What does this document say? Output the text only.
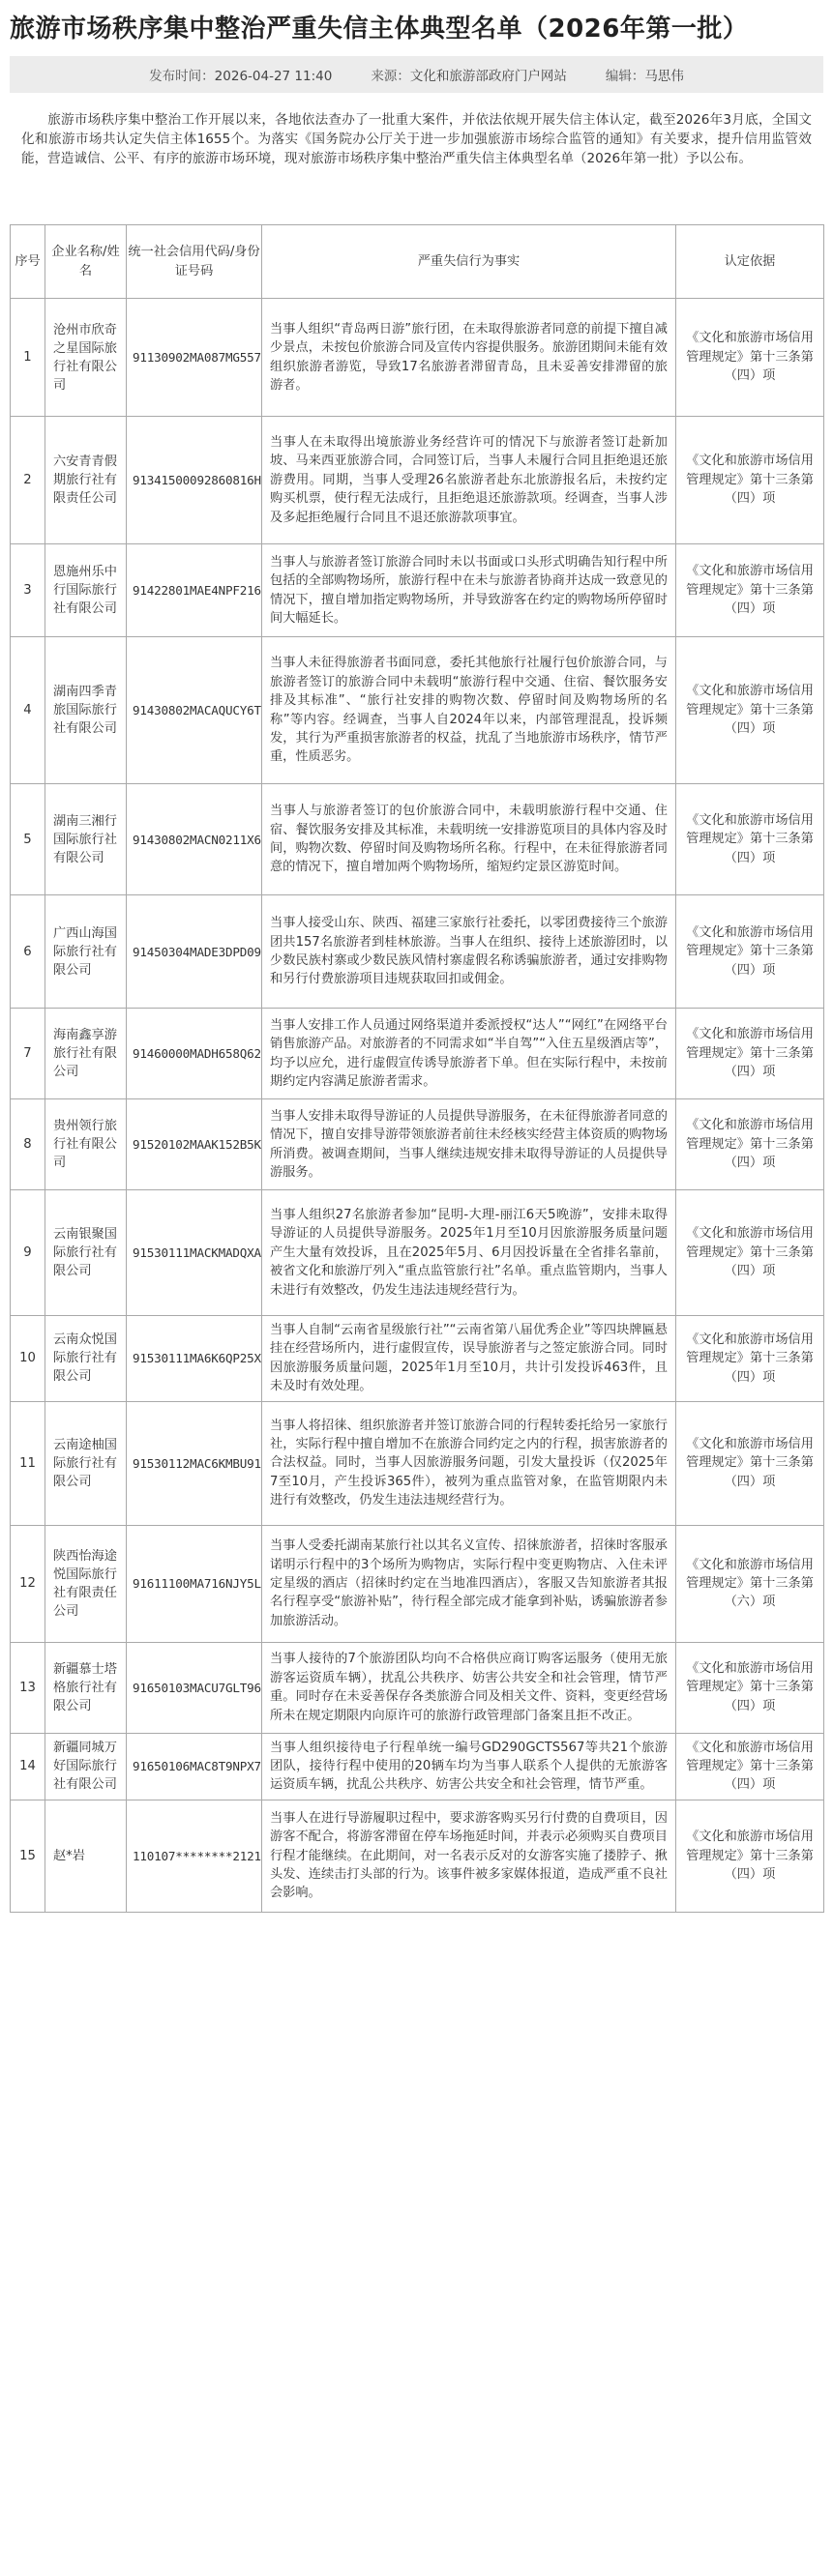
旅游市场秩序集中整治严重失信主体典型名单（2026年第一批）
发布时间：2026-04-27 11:40	来源：文化和旅游部政府门户网站	编辑：马思伟

旅游市场秩序集中整治工作开展以来，各地依法查办了一批重大案件，并依法依规开展失信主体认定，截至2026年3月底，全国文化和旅游市场共认定失信主体1655个。为落实《国务院办公厅关于进一步加强旅游市场综合监管的通知》有关要求，提升信用监管效能，营造诚信、公平、有序的旅游市场环境，现对旅游市场秩序集中整治严重失信主体典型名单（2026年第一批）予以公布。

序号	企业名称/姓名	统一社会信用代码/身份证号码	严重失信行为事实	认定依据
1	沧州市欣奇之星国际旅行社有限公司	91130902MA087MG557	当事人组织“青岛两日游”旅行团，在未取得旅游者同意的前提下擅自减少景点，未按包价旅游合同及宣传内容提供服务。旅游团期间未能有效组织旅游者游览，导致17名旅游者滞留青岛，且未妥善安排滞留的旅游者。	《文化和旅游市场信用管理规定》第十三条第（四）项
2	六安青青假期旅行社有限责任公司	91341500092860816H	当事人在未取得出境旅游业务经营许可的情况下与旅游者签订赴新加坡、马来西亚旅游合同，合同签订后，当事人未履行合同且拒绝退还旅游费用。同期，当事人受理26名旅游者赴东北旅游报名后，未按约定购买机票，使行程无法成行，且拒绝退还旅游款项。经调查，当事人涉及多起拒绝履行合同且不退还旅游款项事宜。	《文化和旅游市场信用管理规定》第十三条第（四）项
3	恩施州乐中行国际旅行社有限公司	91422801MAE4NPF216	当事人与旅游者签订旅游合同时未以书面或口头形式明确告知行程中所包括的全部购物场所，旅游行程中在未与旅游者协商并达成一致意见的情况下，擅自增加指定购物场所，并导致游客在约定的购物场所停留时间大幅延长。	《文化和旅游市场信用管理规定》第十三条第（四）项
4	湖南四季青旅国际旅行社有限公司	91430802MACAQUCY6T	当事人未征得旅游者书面同意，委托其他旅行社履行包价旅游合同，与旅游者签订的旅游合同中未载明“旅游行程中交通、住宿、餐饮服务安排及其标准”、“旅行社安排的购物次数、停留时间及购物场所的名称”等内容。经调查，当事人自2024年以来，内部管理混乱，投诉频发，其行为严重损害旅游者的权益，扰乱了当地旅游市场秩序，情节严重，性质恶劣。	《文化和旅游市场信用管理规定》第十三条第（四）项
5	湖南三湘行国际旅行社有限公司	91430802MACN0211X6	当事人与旅游者签订的包价旅游合同中，未载明旅游行程中交通、住宿、餐饮服务安排及其标准，未载明统一安排游览项目的具体内容及时间，购物次数、停留时间及购物场所名称。行程中，在未征得旅游者同意的情况下，擅自增加两个购物场所，缩短约定景区游览时间。	《文化和旅游市场信用管理规定》第十三条第（四）项
6	广西山海国际旅行社有限公司	91450304MADE3DPD09	当事人接受山东、陕西、福建三家旅行社委托，以零团费接待三个旅游团共157名旅游者到桂林旅游。当事人在组织、接待上述旅游团时，以少数民族村寨或少数民族风情村寨虚假名称诱骗旅游者，通过安排购物和另行付费旅游项目违规获取回扣或佣金。	《文化和旅游市场信用管理规定》第十三条第（四）项
7	海南鑫享游旅行社有限公司	91460000MADH658Q62	当事人安排工作人员通过网络渠道并委派授权“达人”“网红”在网络平台销售旅游产品。对旅游者的不同需求如“半自驾”“入住五星级酒店等”，均予以应允，进行虚假宣传诱导旅游者下单。但在实际行程中，未按前期约定内容满足旅游者需求。	《文化和旅游市场信用管理规定》第十三条第（四）项
8	贵州领行旅行社有限公司	91520102MAAK152B5K	当事人安排未取得导游证的人员提供导游服务，在未征得旅游者同意的情况下，擅自安排导游带领旅游者前往未经核实经营主体资质的购物场所消费。被调查期间，当事人继续违规安排未取得导游证的人员提供导游服务。	《文化和旅游市场信用管理规定》第十三条第（四）项
9	云南银聚国际旅行社有限公司	91530111MACKMADQXA	当事人组织27名旅游者参加“昆明-大理-丽江6天5晚游”，安排未取得导游证的人员提供导游服务。2025年1月至10月因旅游服务质量问题产生大量有效投诉，且在2025年5月、6月因投诉量在全省排名靠前，被省文化和旅游厅列入“重点监管旅行社”名单。重点监管期内，当事人未进行有效整改，仍发生违法违规经营行为。	《文化和旅游市场信用管理规定》第十三条第（四）项
10	云南众悦国际旅行社有限公司	91530111MA6K6QP25X	当事人自制“云南省星级旅行社”“云南省第八届优秀企业”等四块牌匾悬挂在经营场所内，进行虚假宣传，误导旅游者与之签定旅游合同。同时因旅游服务质量问题，2025年1月至10月，共计引发投诉463件，且未及时有效处理。	《文化和旅游市场信用管理规定》第十三条第（四）项
11	云南途柚国际旅行社有限公司	91530112MAC6KMBU91	当事人将招徕、组织旅游者并签订旅游合同的行程转委托给另一家旅行社，实际行程中擅自增加不在旅游合同约定之内的行程，损害旅游者的合法权益。同时，当事人因旅游服务问题，引发大量投诉（仅2025年7至10月，产生投诉365件），被列为重点监管对象，在监管期限内未进行有效整改，仍发生违法违规经营行为。	《文化和旅游市场信用管理规定》第十三条第（四）项
12	陕西怡海途悦国际旅行社有限责任公司	91611100MA716NJY5L	当事人受委托湖南某旅行社以其名义宣传、招徕旅游者，招徕时客服承诺明示行程中的3个场所为购物店，实际行程中变更购物店、入住未评定星级的酒店（招徕时约定在当地准四酒店），客服又告知旅游者其报名行程享受“旅游补贴”，待行程全部完成才能拿到补贴，诱骗旅游者参加旅游活动。	《文化和旅游市场信用管理规定》第十三条第（六）项
13	新疆慕士塔格旅行社有限公司	91650103MACU7GLT96	当事人接待的7个旅游团队均向不合格供应商订购客运服务（使用无旅游客运资质车辆），扰乱公共秩序、妨害公共安全和社会管理，情节严重。同时存在未妥善保存各类旅游合同及相关文件、资料，变更经营场所未在规定期限内向原许可的旅游行政管理部门备案且拒不改正。	《文化和旅游市场信用管理规定》第十三条第（四）项
14	新疆同城万好国际旅行社有限公司	91650106MAC8T9NPX7	当事人组织接待电子行程单统一编号GD290GCTS567等共21个旅游团队，接待行程中使用的20辆车均为当事人联系个人提供的无旅游客运资质车辆，扰乱公共秩序、妨害公共安全和社会管理，情节严重。	《文化和旅游市场信用管理规定》第十三条第（四）项
15	赵*岩	110107********2121	当事人在进行导游履职过程中，要求游客购买另行付费的自费项目，因游客不配合，将游客滞留在停车场拖延时间，并表示必须购买自费项目行程才能继续。在此期间，对一名表示反对的女游客实施了搂脖子、揪头发、连续击打头部的行为。该事件被多家媒体报道，造成严重不良社会影响。	《文化和旅游市场信用管理规定》第十三条第（四）项
